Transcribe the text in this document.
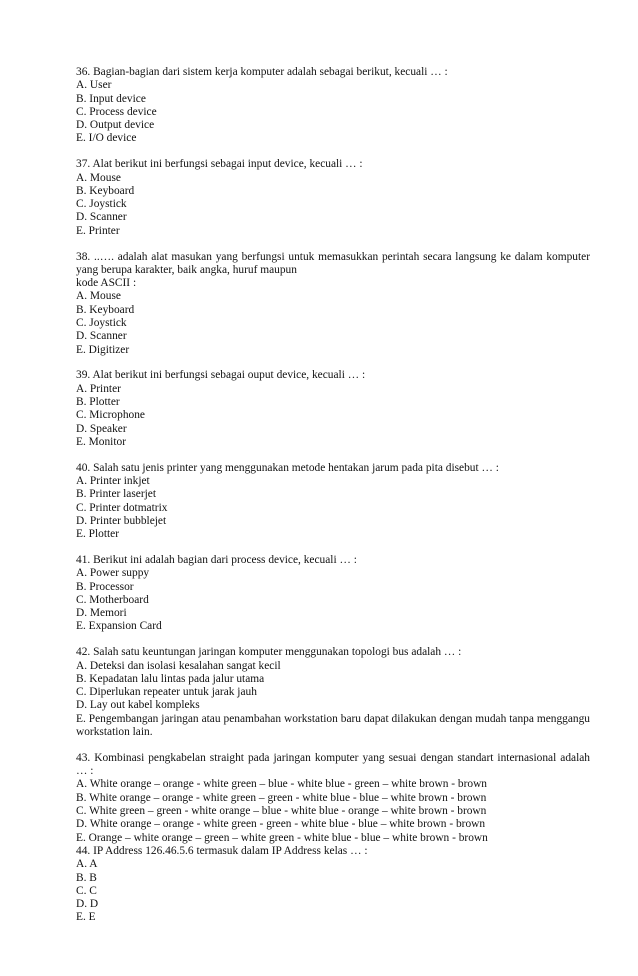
36. Bagian-bagian dari sistem kerja komputer adalah sebagai berikut, kecuali … :
A. User
B. Input device
C. Process device
D. Output device
E. I/O device
37. Alat berikut ini berfungsi sebagai input device, kecuali … :
A. Mouse
B. Keyboard
C. Joystick
D. Scanner
E. Printer
38. ..…. adalah alat masukan yang berfungsi untuk memasukkan perintah secara langsung ke dalam komputer yang berupa karakter, baik angka, huruf maupun
kode ASCII :
A. Mouse
B. Keyboard
C. Joystick
D. Scanner
E. Digitizer
39. Alat berikut ini berfungsi sebagai ouput device, kecuali … :
A. Printer
B. Plotter
C. Microphone
D. Speaker
E. Monitor
40. Salah satu jenis printer yang menggunakan metode hentakan jarum pada pita disebut … :
A. Printer inkjet
B. Printer laserjet
C. Printer dotmatrix
D. Printer bubblejet
E. Plotter
41. Berikut ini adalah bagian dari process device, kecuali … :
A. Power suppy
B. Processor
C. Motherboard
D. Memori
E. Expansion Card
42. Salah satu keuntungan jaringan komputer menggunakan topologi bus adalah … :
A. Deteksi dan isolasi kesalahan sangat kecil
B. Kepadatan lalu lintas pada jalur utama
C. Diperlukan repeater untuk jarak jauh
D. Lay out kabel kompleks
E. Pengembangan jaringan atau penambahan workstation baru dapat dilakukan dengan mudah tanpa menggangu workstation lain.
43. Kombinasi pengkabelan straight pada jaringan komputer yang sesuai dengan standart internasional adalah … :
A. White orange – orange - white green – blue - white blue - green – white brown - brown
B. White orange – orange - white green – green - white blue - blue – white brown - brown
C. White green – green - white orange – blue - white blue - orange – white brown - brown
D. White orange – orange - white green - green - white blue - blue – white brown - brown
E. Orange – white orange – green – white green - white blue - blue – white brown - brown
44. IP Address 126.46.5.6 termasuk dalam IP Address kelas … :
A. A
B. B
C. C
D. D
E. E
